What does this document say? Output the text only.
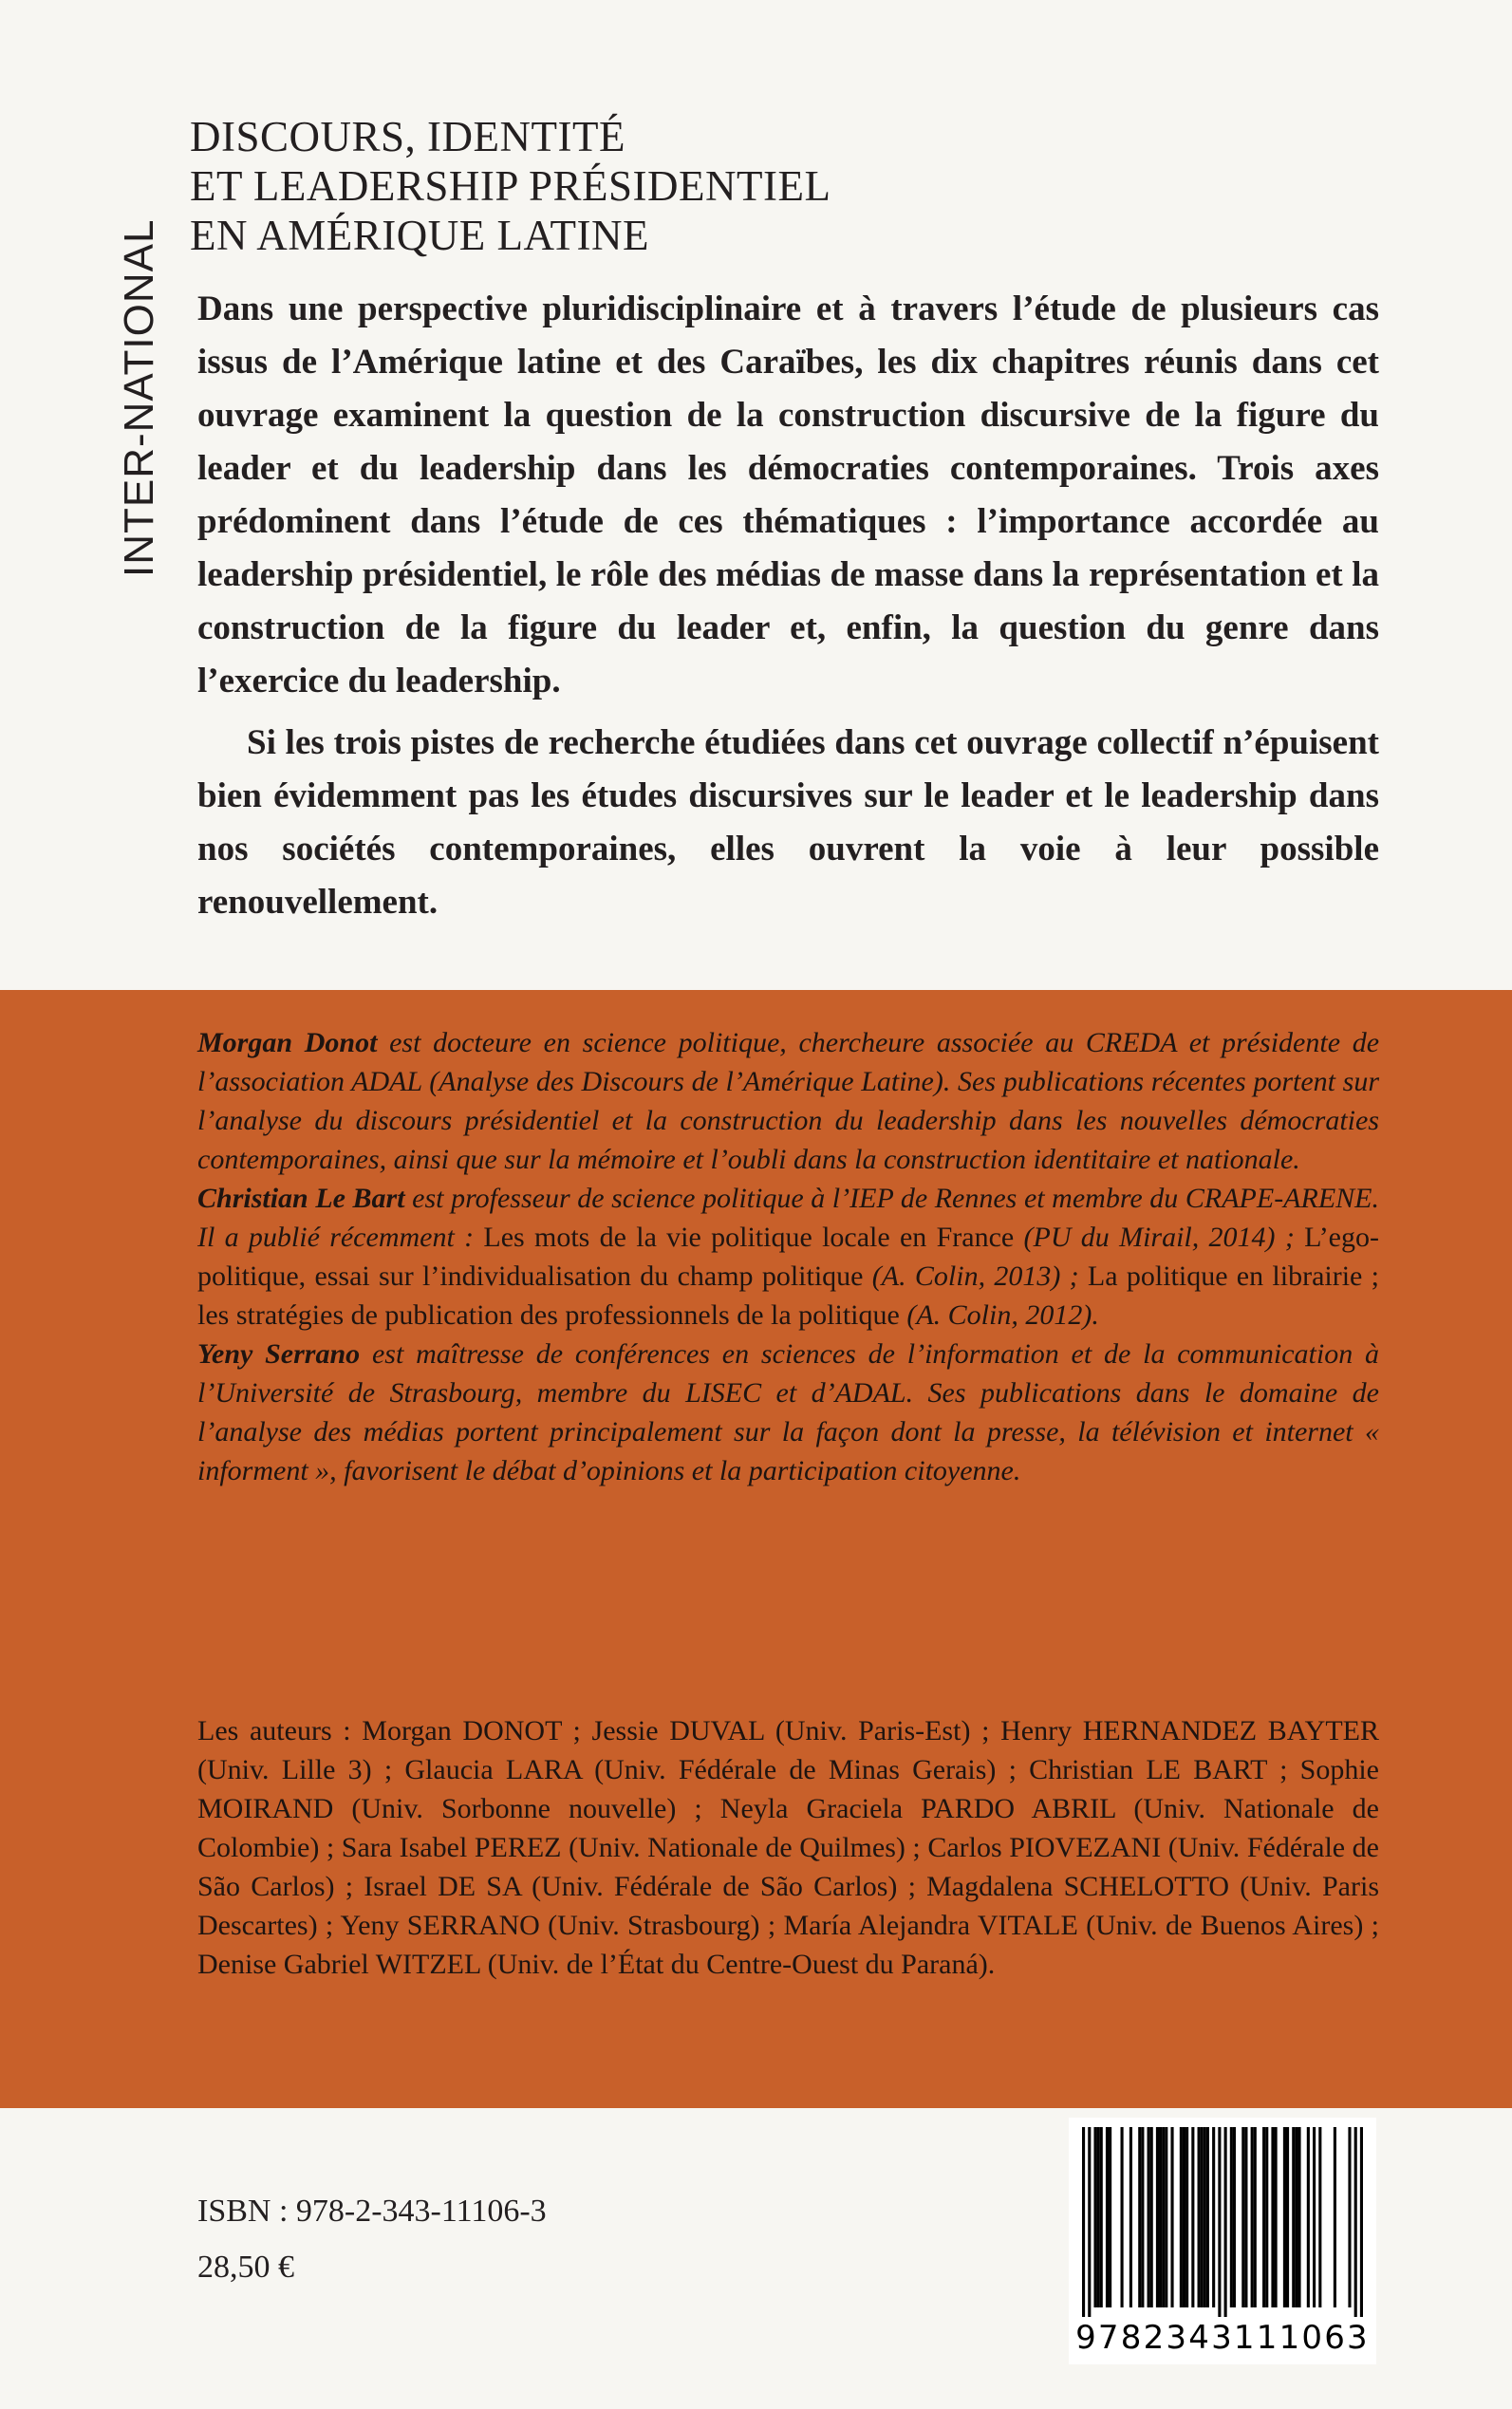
INTER-NATIONAL
DISCOURS, IDENTITÉ
ET LEADERSHIP PRÉSIDENTIEL
EN AMÉRIQUE LATINE

Dans une perspective pluridisciplinaire et à travers l’étude de plusieurs cas issus de l’Amérique latine et des Caraïbes, les dix chapitres réunis dans cet ouvrage examinent la question de la construction discursive de la figure du leader et du leadership dans les démocraties contemporaines. Trois axes prédominent dans l’étude de ces thématiques : l’importance accordée au leadership présidentiel, le rôle des médias de masse dans la représentation et la construction de la figure du leader et, enfin, la question du genre dans l’exercice du leadership.

Si les trois pistes de recherche étudiées dans cet ouvrage collectif n’épuisent bien évidemment pas les études discursives sur le leader et le leadership dans nos sociétés contemporaines, elles ouvrent la voie à leur possible renouvellement.

Morgan Donot est docteure en science politique, chercheure associée au CREDA et présidente de l’association ADAL (Analyse des Discours de l’Amérique Latine). Ses publications récentes portent sur l’analyse du discours présidentiel et la construction du leadership dans les nouvelles démocraties contemporaines, ainsi que sur la mémoire et l’oubli dans la construction identitaire et nationale.

Christian Le Bart est professeur de science politique à l’IEP de Rennes et membre du CRAPE-ARENE. Il a publié récemment : Les mots de la vie politique locale en France (PU du Mirail, 2014) ; L’ego-politique, essai sur l’individualisation du champ politique (A. Colin, 2013) ; La politique en librairie ; les stratégies de publication des professionnels de la politique (A. Colin, 2012).

Yeny Serrano est maîtresse de conférences en sciences de l’information et de la communication à l’Université de Strasbourg, membre du LISEC et d’ADAL. Ses publications dans le domaine de l’analyse des médias portent principalement sur la façon dont la presse, la télévision et internet « informent », favorisent le débat d’opinions et la participation citoyenne.

Les auteurs : Morgan DONOT ; Jessie DUVAL (Univ. Paris-Est) ; Henry HERNANDEZ BAYTER (Univ. Lille 3) ; Glaucia LARA (Univ. Fédérale de Minas Gerais) ; Christian LE BART ; Sophie MOIRAND (Univ. Sorbonne nouvelle) ; Neyla Graciela PARDO ABRIL (Univ. Nationale de Colombie) ; Sara Isabel PEREZ (Univ. Nationale de Quilmes) ; Carlos PIOVEZANI (Univ. Fédérale de São Carlos) ; Israel DE SA (Univ. Fédérale de São Carlos) ; Magdalena SCHELOTTO (Univ. Paris Descartes) ; Yeny SERRANO (Univ. Strasbourg) ; María Alejandra VITALE (Univ. de Buenos Aires) ; Denise Gabriel WITZEL (Univ. de l’État du Centre-Ouest du Paraná).

ISBN : 978-2-343-11106-3
28,50 €
9782343111063
